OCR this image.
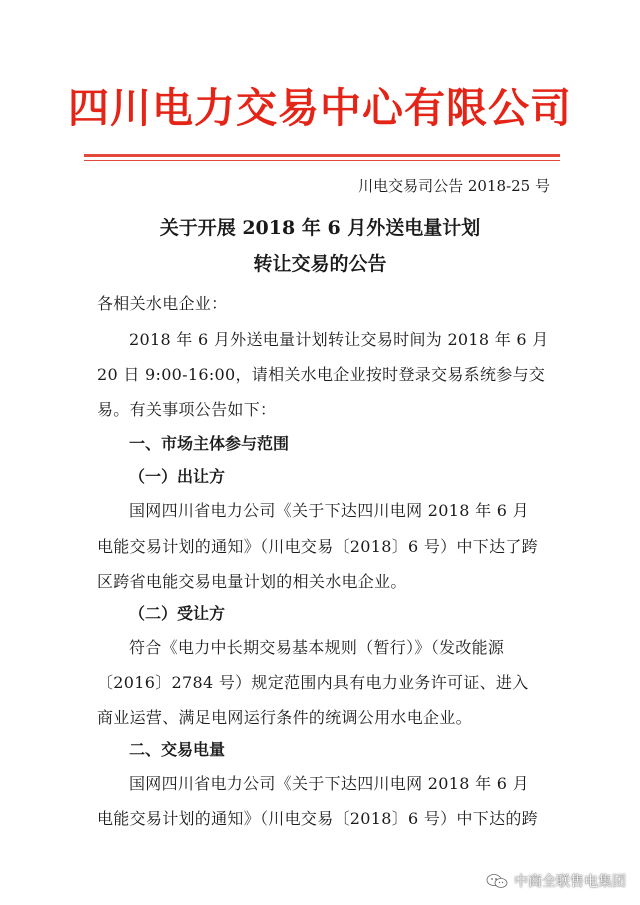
四川电力交易中心有限公司
川电交易司公告 2018-25 号
关于开展 2018 年 6 月外送电量计划
转让交易的公告
各相关水电企业：
2018 年 6 月外送电量计划转让交易时间为 2018 年 6 月
20 日 9:00-16:00，请相关水电企业按时登录交易系统参与交
易。有关事项公告如下：
一、市场主体参与范围
（一）出让方
国网四川省电力公司《关于下达四川电网 2018 年 6 月
电能交易计划的通知》（川电交易〔2018〕6 号）中下达了跨
区跨省电能交易电量计划的相关水电企业。
（二）受让方
符合《电力中长期交易基本规则（暂行）》（发改能源
〔2016〕2784 号）规定范围内具有电力业务许可证、进入
商业运营、满足电网运行条件的统调公用水电企业。
二、交易电量
国网四川省电力公司《关于下达四川电网 2018 年 6 月
电能交易计划的通知》（川电交易〔2018〕6 号）中下达的跨
中商全联售电集团
